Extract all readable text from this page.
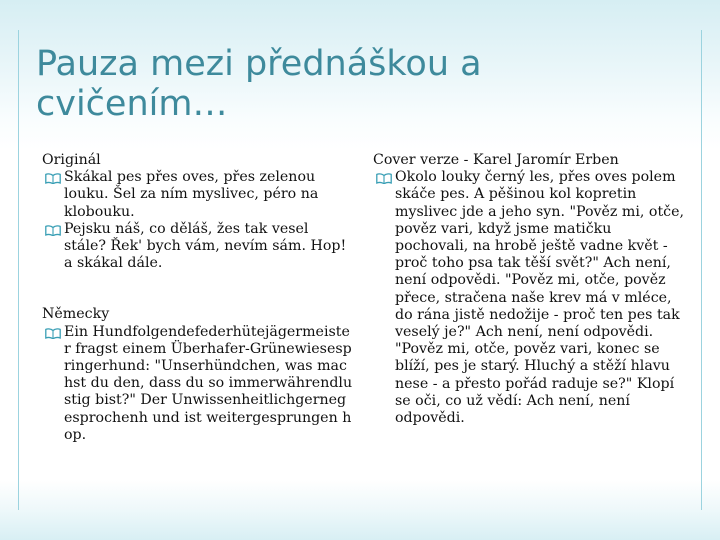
Pauza mezi přednáškou a cvičením…

Originál

Skákal pes přes oves, přes zelenou louku. Šel za ním myslivec, péro na klobouku.
Pejsku náš, co děláš, žes tak vesel stále? Řek' bych vám, nevím sám. Hop! a skákal dále.

Německy

Ein Hundfolgendefederhütejägermeister fragst einem Überhafer-Grünewiesespringerhund: "Unserhündchen, was machst du den, dass du so immerwährendlustig bist?" Der Unwissenheitlichgernegesprochenh und ist weitergesprungen hop.

Cover verze - Karel Jaromír Erben

Okolo louky černý les, přes oves polem skáče pes. A pěšinou kol kopretin myslivec jde a jeho syn. "Pověz mi, otče, pověz vari, když jsme matičku pochovali, na hrobě ještě vadne květ - proč toho psa tak těší svět?" Ach není, není odpovědi. "Pověz mi, otče, pověz přece, stračena naše krev má v mléce, do rána jistě nedožije - proč ten pes tak veselý je?" Ach není, není odpovědi. "Pověz mi, otče, pověz vari, konec se blíží, pes je starý. Hluchý a stěží hlavu nese - a přesto pořád raduje se?" Klopí se oči, co už vědí: Ach není, není odpovědi.
